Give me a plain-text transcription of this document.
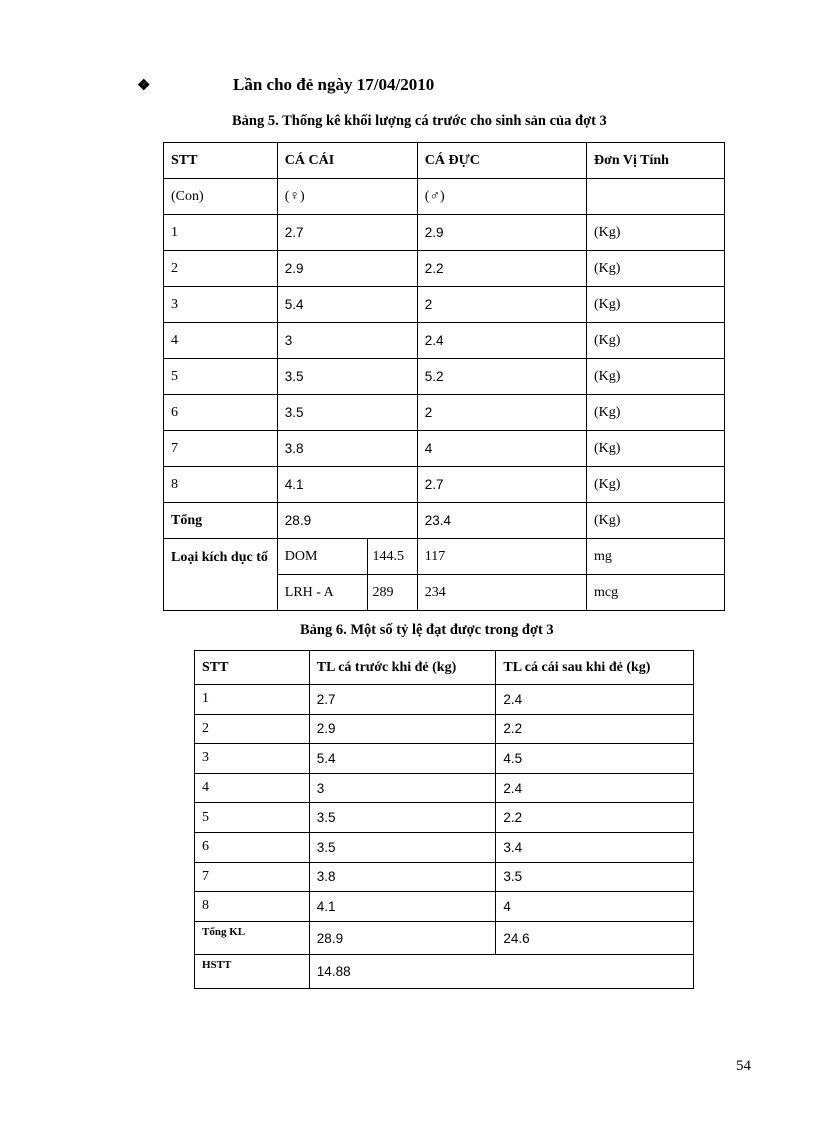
❖	Lần cho đẻ ngày 17/04/2010
Bảng 5. Thống kê khối lượng cá trước cho sinh sản của đợt 3
STT	CÁ CÁI		CÁ ĐỰC	Đơn Vị Tính
(Con)	(♀)		(♂)	
1	2.7		2.9	(Kg)
2	2.9		2.2	(Kg)
3	5.4		2	(Kg)
4	3		2.4	(Kg)
5	3.5		5.2	(Kg)
6	3.5		2	(Kg)
7	3.8		4	(Kg)
8	4.1		2.7	(Kg)
Tổng	28.9		23.4	(Kg)
Loại kích dục tố	DOM	144.5	117	mg
	LRH - A	289	234	mcg
Bảng 6. Một số tỷ lệ đạt được trong đợt 3
STT	TL cá trước khi đẻ (kg)	TL cá cái sau khi đẻ (kg)
1	2.7	2.4
2	2.9	2.2
3	5.4	4.5
4	3	2.4
5	3.5	2.2
6	3.5	3.4
7	3.8	3.5
8	4.1	4
Tổng KL	28.9	24.6
HSTT	14.88	
54
